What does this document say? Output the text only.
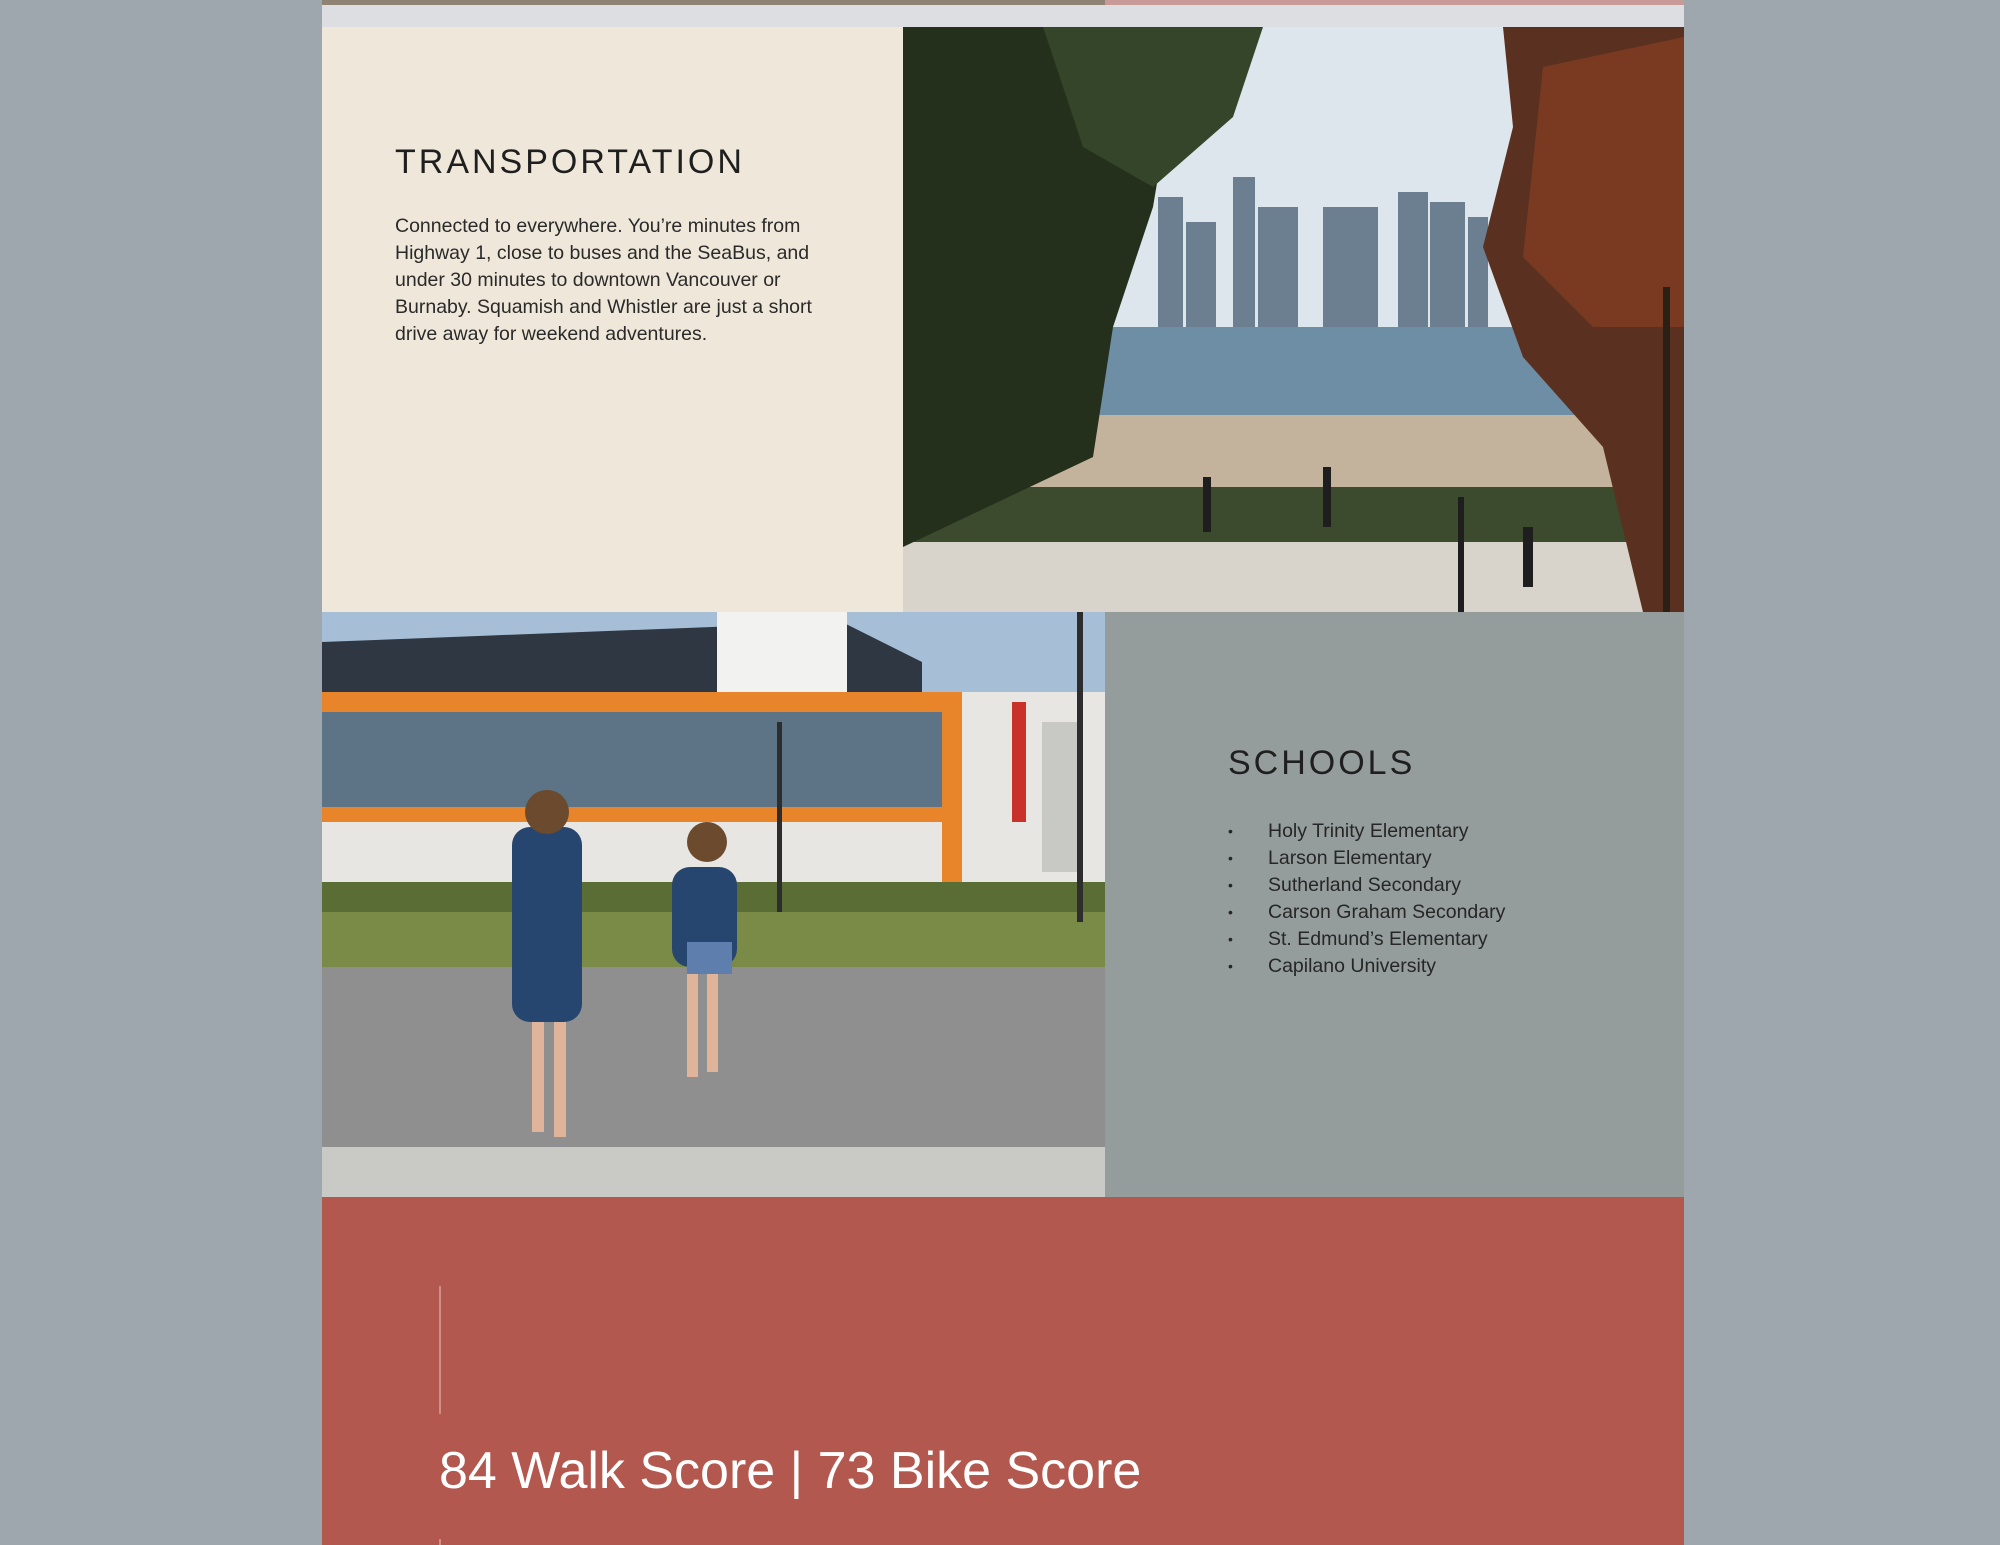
TRANSPORTATION

Connected to everywhere. You’re minutes from Highway 1, close to buses and the SeaBus, and under 30 minutes to downtown Vancouver or Burnaby. Squamish and Whistler are just a short drive away for weekend adventures.

SCHOOLS
• Holy Trinity Elementary
• Larson Elementary
• Sutherland Secondary
• Carson Graham Secondary
• St. Edmund’s Elementary
• Capilano University
84 Walk Score | 73 Bike Score
